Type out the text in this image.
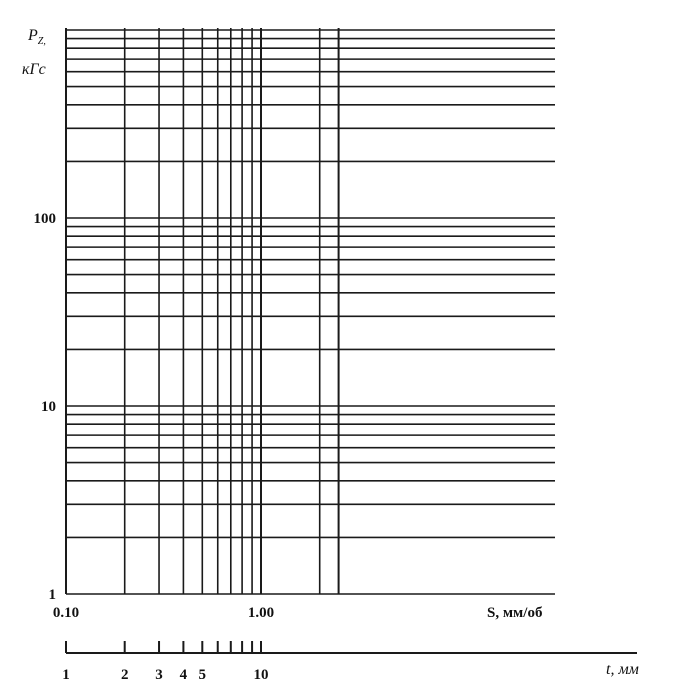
1
10
100
0.10	1.00
$P_{Z,}$
кГс
S, мм/об
1	2 3 4 5	10	t, мм
